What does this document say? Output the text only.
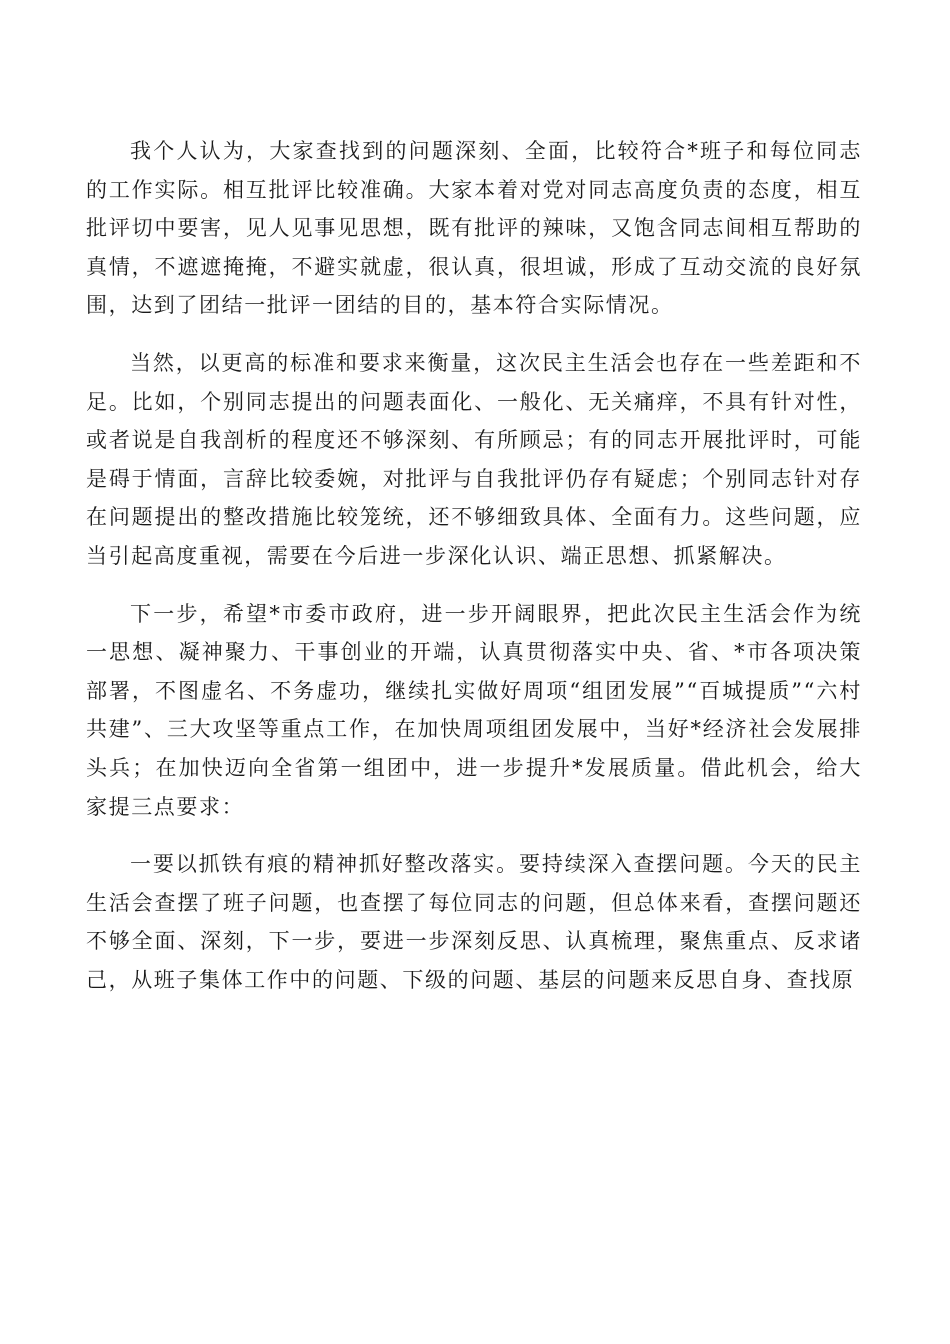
我个人认为，大家查找到的问题深刻、全面，比较符合*班子和每位同志的工作实际。相互批评比较准确。大家本着对党对同志高度负责的态度，相互批评切中要害，见人见事见思想，既有批评的辣味，又饱含同志间相互帮助的真情，不遮遮掩掩，不避实就虚，很认真，很坦诚，形成了互动交流的良好氛围，达到了团结一批评一团结的目的，基本符合实际情况。

当然，以更高的标准和要求来衡量，这次民主生活会也存在一些差距和不足。比如，个别同志提出的问题表面化、一般化、无关痛痒，不具有针对性，或者说是自我剖析的程度还不够深刻、有所顾忌；有的同志开展批评时，可能是碍于情面，言辞比较委婉，对批评与自我批评仍存有疑虑；个别同志针对存在问题提出的整改措施比较笼统，还不够细致具体、全面有力。这些问题，应当引起高度重视，需要在今后进一步深化认识、端正思想、抓紧解决。

下一步，希望*市委市政府，进一步开阔眼界，把此次民主生活会作为统一思想、凝神聚力、干事创业的开端，认真贯彻落实中央、省、*市各项决策部署，不图虚名、不务虚功，继续扎实做好周项“组团发展”“百城提质”“六村共建”、三大攻坚等重点工作，在加快周项组团发展中，当好*经济社会发展排头兵；在加快迈向全省第一组团中，进一步提升*发展质量。借此机会，给大家提三点要求：

一要以抓铁有痕的精神抓好整改落实。要持续深入查摆问题。今天的民主生活会查摆了班子问题，也查摆了每位同志的问题，但总体来看，查摆问题还不够全面、深刻，下一步，要进一步深刻反思、认真梳理，聚焦重点、反求诸己，从班子集体工作中的问题、下级的问题、基层的问题来反思自身、查找原
